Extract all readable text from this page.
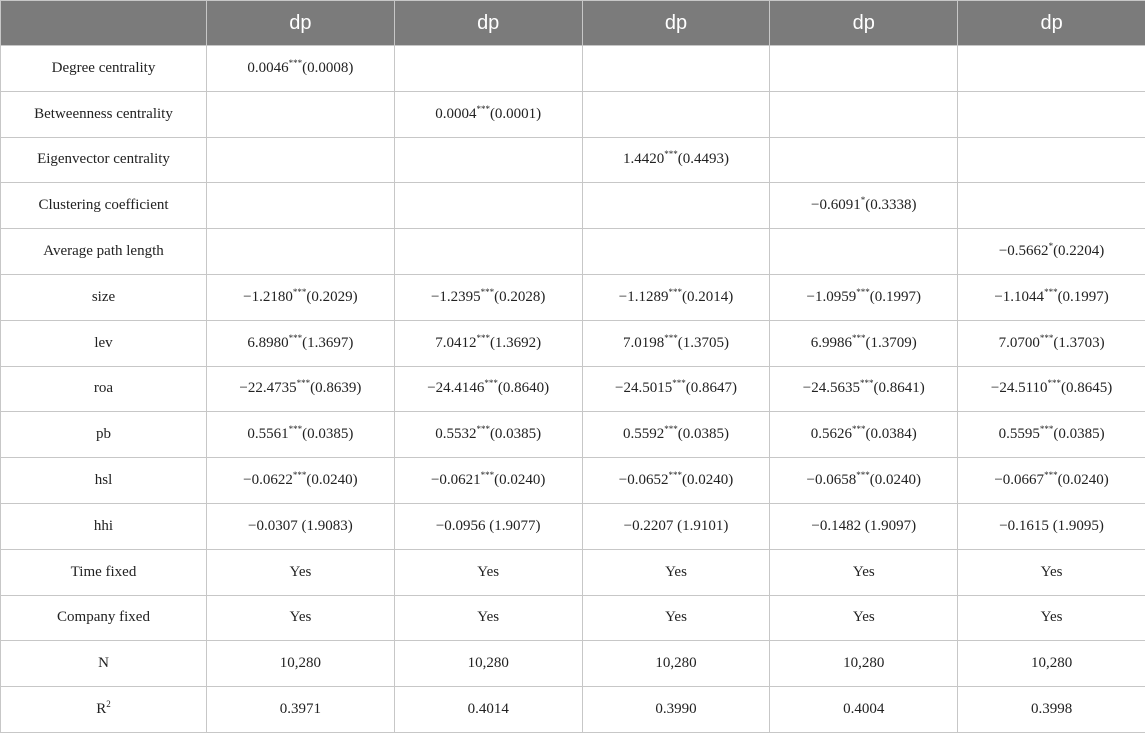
	dp	dp	dp	dp	dp
Degree centrality	0.0046***(0.0008)				
Betweenness centrality		0.0004***(0.0001)			
Eigenvector centrality			1.4420***(0.4493)		
Clustering coefficient				−0.6091*(0.3338)	
Average path length					−0.5662*(0.2204)
size	−1.2180***(0.2029)	−1.2395***(0.2028)	−1.1289***(0.2014)	−1.0959***(0.1997)	−1.1044***(0.1997)
lev	6.8980***(1.3697)	7.0412***(1.3692)	7.0198***(1.3705)	6.9986***(1.3709)	7.0700***(1.3703)
roa	−22.4735***(0.8639)	−24.4146***(0.8640)	−24.5015***(0.8647)	−24.5635***(0.8641)	−24.5110***(0.8645)
pb	0.5561***(0.0385)	0.5532***(0.0385)	0.5592***(0.0385)	0.5626***(0.0384)	0.5595***(0.0385)
hsl	−0.0622***(0.0240)	−0.0621***(0.0240)	−0.0652***(0.0240)	−0.0658***(0.0240)	−0.0667***(0.0240)
hhi	−0.0307 (1.9083)	−0.0956 (1.9077)	−0.2207 (1.9101)	−0.1482 (1.9097)	−0.1615 (1.9095)
Time fixed	Yes	Yes	Yes	Yes	Yes
Company fixed	Yes	Yes	Yes	Yes	Yes
N	10,280	10,280	10,280	10,280	10,280
$R^2$	0.3971	0.4014	0.3990	0.4004	0.3998
